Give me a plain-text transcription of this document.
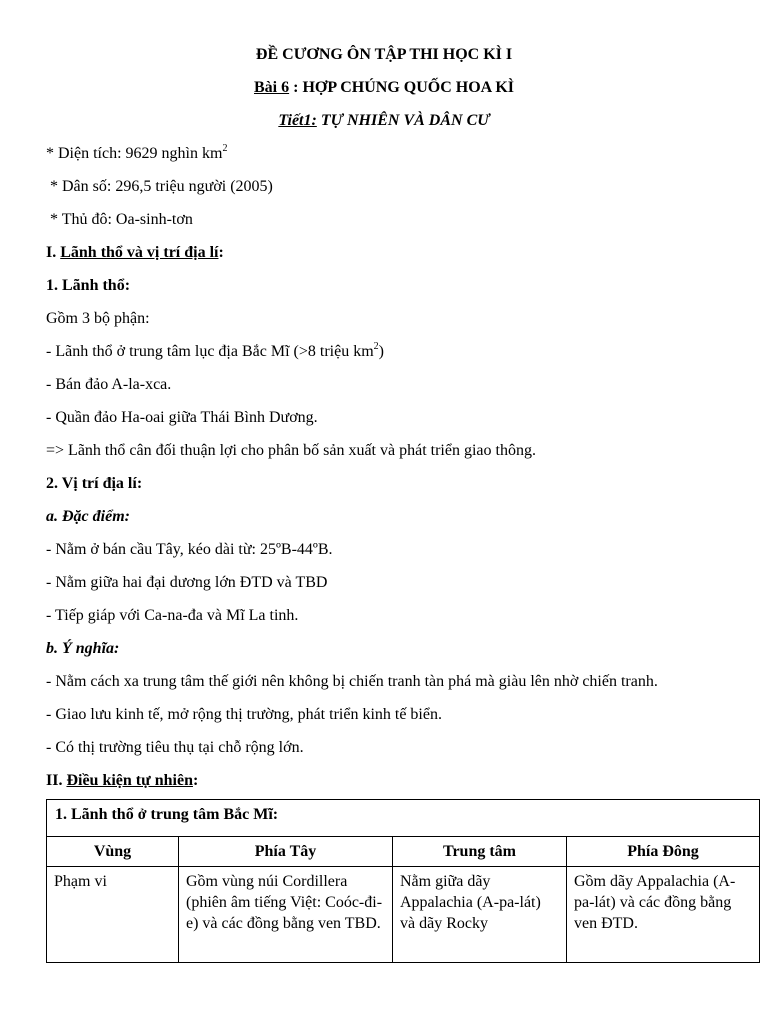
ĐỀ CƯƠNG ÔN TẬP THI HỌC KÌ I
Bài 6 : HỢP CHÚNG QUỐC HOA KÌ
Tiết1: TỰ NHIÊN VÀ DÂN CƯ
* Diện tích: 9629 nghìn $km^2$
* Dân số: 296,5 triệu người (2005)
* Thủ đô: Oa-sinh-tơn
I. Lãnh thổ và vị trí địa lí:
1. Lãnh thổ:
Gồm 3 bộ phận:
- Lãnh thổ ở trung tâm lục địa Bắc Mĩ (>8 triệu $km^2$)
- Bán đảo A-la-xca.
- Quần đảo Ha-oai giữa Thái Bình Dương.
=> Lãnh thổ cân đối thuận lợi cho phân bố sản xuất và phát triển giao thông.
2. Vị trí địa lí:
a. Đặc điểm:
- Nằm ở bán cầu Tây, kéo dài từ: 25ºB-44ºB.
- Nằm giữa hai đại dương lớn ĐTD và TBD
- Tiếp giáp với Ca-na-đa và Mĩ La tinh.
b. Ý nghĩa:
- Nằm cách xa trung tâm thế giới nên không bị chiến tranh tàn phá mà giàu lên nhờ chiến tranh.
- Giao lưu kinh tế, mở rộng thị trường, phát triển kinh tế biển.
- Có thị trường tiêu thụ tại chỗ rộng lớn.
II. Điều kiện tự nhiên:
1. Lãnh thổ ở trung tâm Bắc Mĩ:			
Vùng	Phía Tây	Trung tâm	Phía Đông
Phạm vi	Gồm vùng núi Cordillera (phiên âm tiếng Việt: Coóc-đi-e) và các đồng bằng ven TBD.	Nằm giữa dãy Appalachia (A-pa-lát) và dãy Rocky	Gồm dãy Appalachia (A-pa-lát) và các đồng bằng ven ĐTD.
